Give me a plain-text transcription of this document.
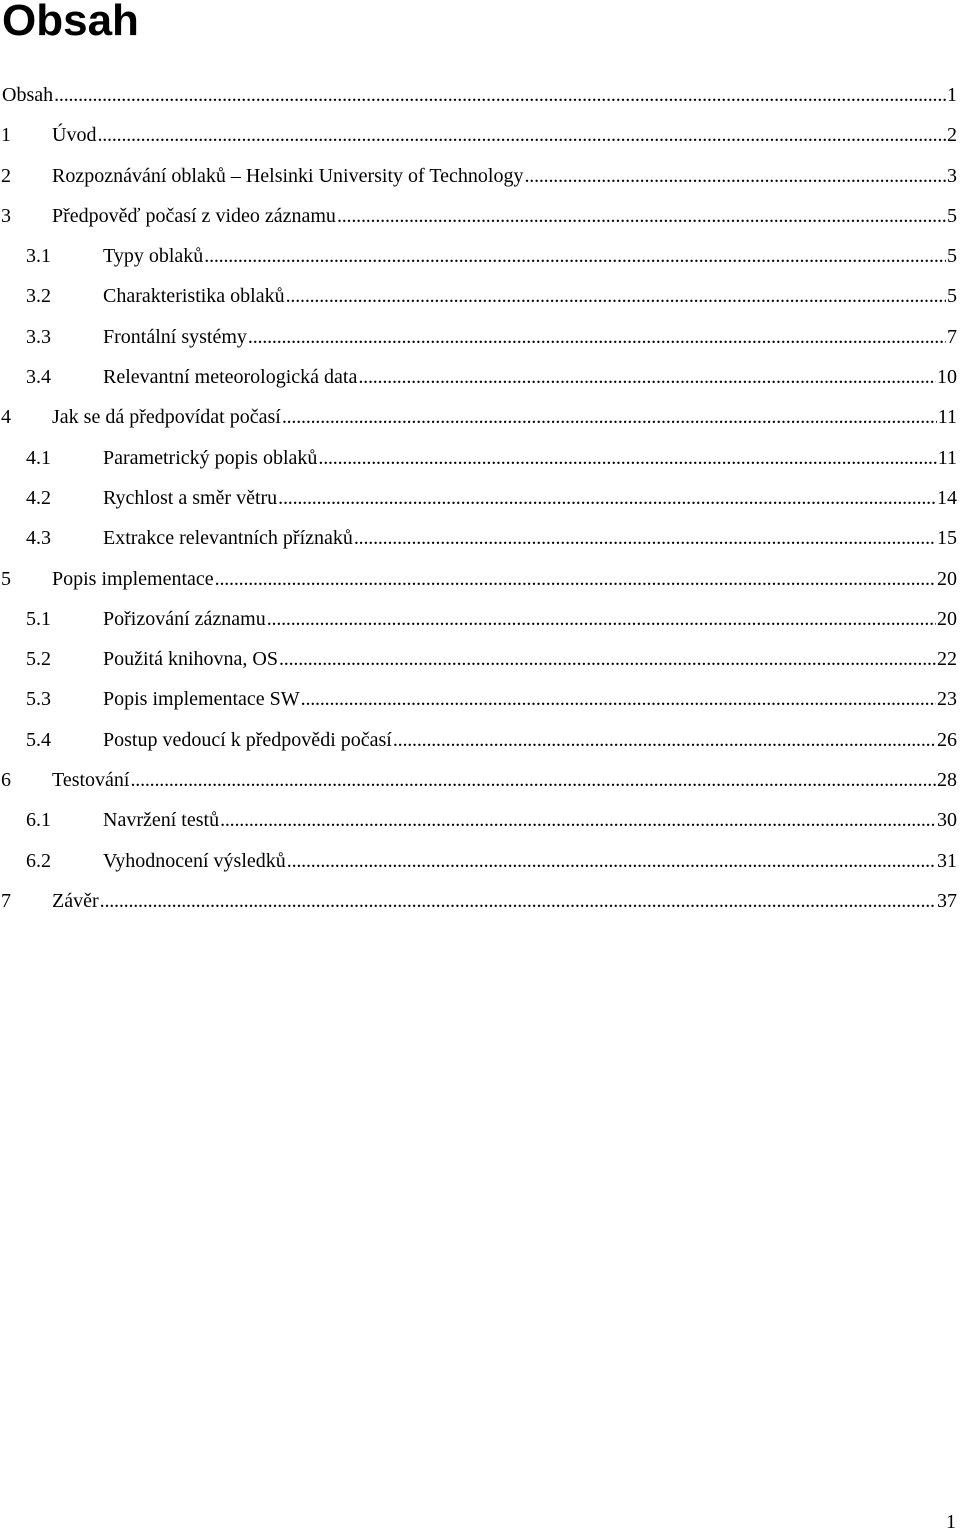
Obsah
Obsah . . .	1
1	Úvod . . .	2
2	Rozpoznávání oblaků – Helsinki University of Technology . . .	3
3	Předpověď počasí z video záznamu . . .	5
3.1	Typy oblaků . . .	5
3.2	Charakteristika oblaků . . .	5
3.3	Frontální systémy . . .	7
3.4	Relevantní meteorologická data . . .	10
4	Jak se dá předpovídat počasí . . .	11
4.1	Parametrický popis oblaků . . .	11
4.2	Rychlost a směr větru . . .	14
4.3	Extrakce relevantních příznaků . . .	15
5	Popis implementace . . .	20
5.1	Pořizování záznamu . . .	20
5.2	Použitá knihovna, OS . . .	22
5.3	Popis implementace SW . . .	23
5.4	Postup vedoucí k předpovědi počasí . . .	26
6	Testování . . .	28
6.1	Navržení testů . . .	30
6.2	Vyhodnocení výsledků . . .	31
7	Závěr . . .	37
1
